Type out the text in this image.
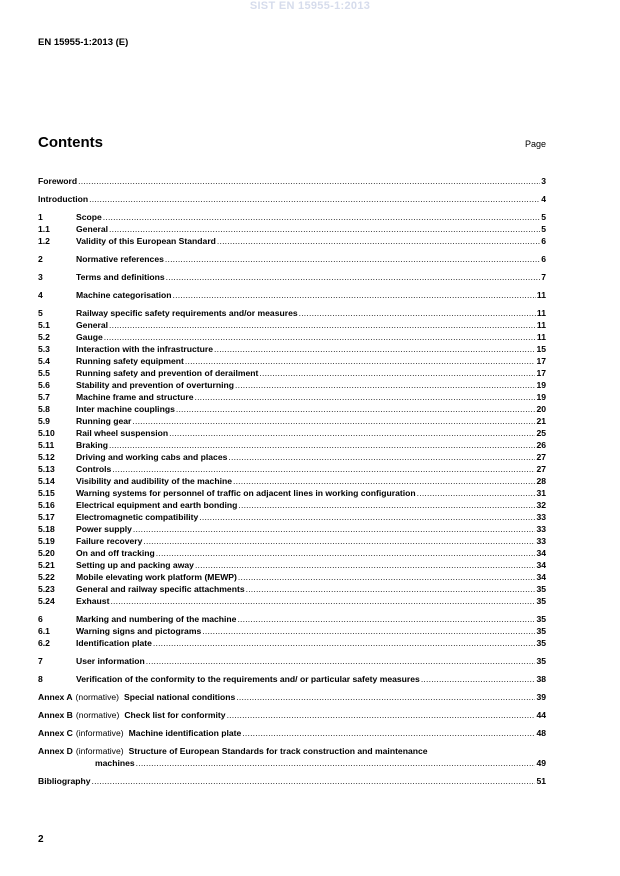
SIST EN 15955-1:2013
EN 15955-1:2013 (E)
Contents	Page
Foreword .....	3
Introduction .....	4
1	Scope .....	5
1.1	General .....	5
1.2	Validity of this European Standard .....	6
2	Normative references .....	6
3	Terms and definitions .....	7
4	Machine categorisation .....	11
5	Railway specific safety requirements and/or measures .....	11
5.1	General .....	11
5.2	Gauge .....	11
5.3	Interaction with the infrastructure .....	15
5.4	Running safety equipment .....	17
5.5	Running safety and prevention of derailment .....	17
5.6	Stability and prevention of overturning .....	19
5.7	Machine frame and structure .....	19
5.8	Inter machine couplings .....	20
5.9	Running gear .....	21
5.10	Rail wheel suspension .....	25
5.11	Braking .....	26
5.12	Driving and working cabs and places .....	27
5.13	Controls .....	27
5.14	Visibility and audibility of the machine .....	28
5.15	Warning systems for personnel of traffic on adjacent lines in working configuration .....	31
5.16	Electrical equipment and earth bonding .....	32
5.17	Electromagnetic compatibility .....	33
5.18	Power supply .....	33
5.19	Failure recovery .....	33
5.20	On and off tracking .....	34
5.21	Setting up and packing away .....	34
5.22	Mobile elevating work platform (MEWP) .....	34
5.23	General and railway specific attachments .....	35
5.24	Exhaust .....	35
6	Marking and numbering of the machine .....	35
6.1	Warning signs and pictograms .....	35
6.2	Identification plate .....	35
7	User information .....	35
8	Verification of the conformity to the requirements and/ or particular safety measures .....	38
Annex A (normative) Special national conditions .....	39
Annex B (normative) Check list for conformity .....	44
Annex C (informative) Machine identification plate .....	48
Annex D (informative) Structure of European Standards for track construction and maintenance
machines .....	49
Bibliography .....	51
2
